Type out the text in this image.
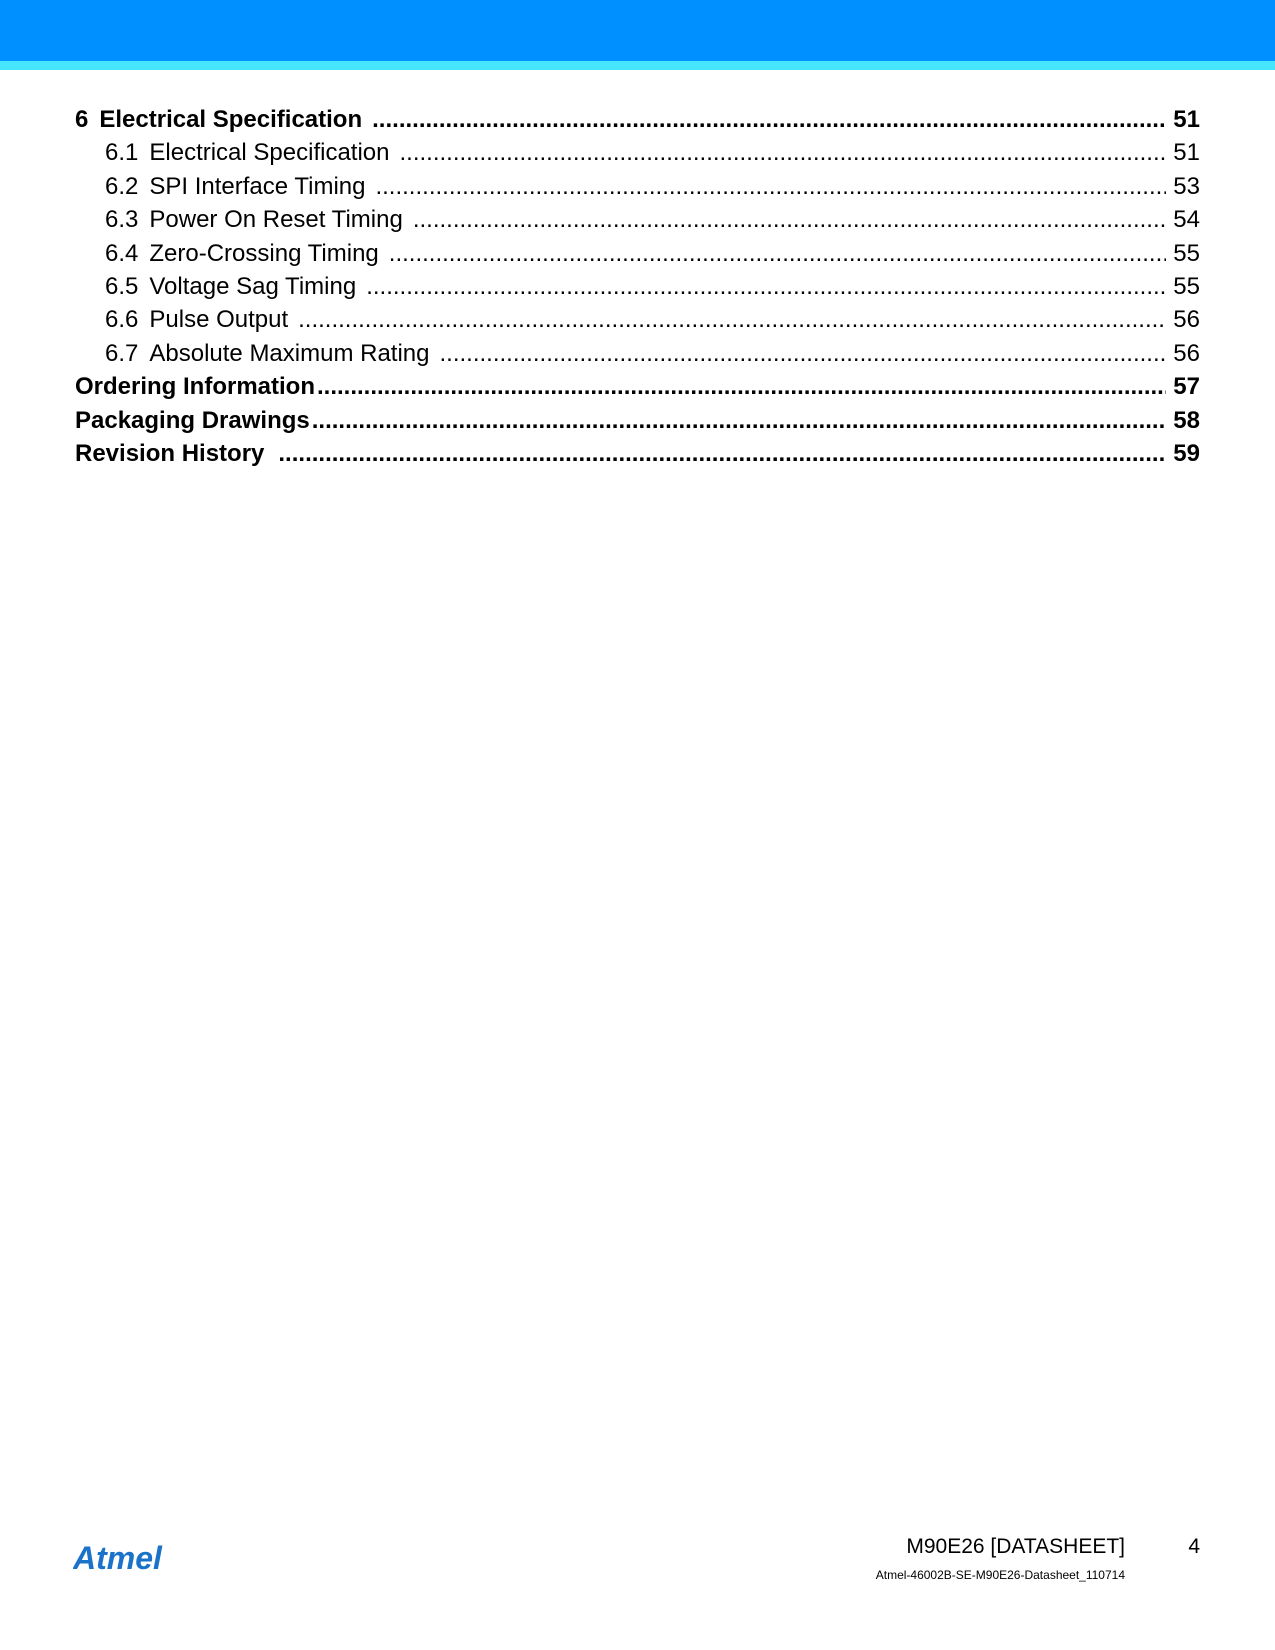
6 Electrical Specification .....	51
6.1 Electrical Specification .....	51
6.2 SPI Interface Timing .....	53
6.3 Power On Reset Timing .....	54
6.4 Zero-Crossing Timing .....	55
6.5 Voltage Sag Timing .....	55
6.6 Pulse Output .....	56
6.7 Absolute Maximum Rating .....	56
Ordering Information .....	57
Packaging Drawings .....	58
Revision History .....	59
Atmel	M90E26 [DATASHEET]	4
Atmel-46002B-SE-M90E26-Datasheet_110714
